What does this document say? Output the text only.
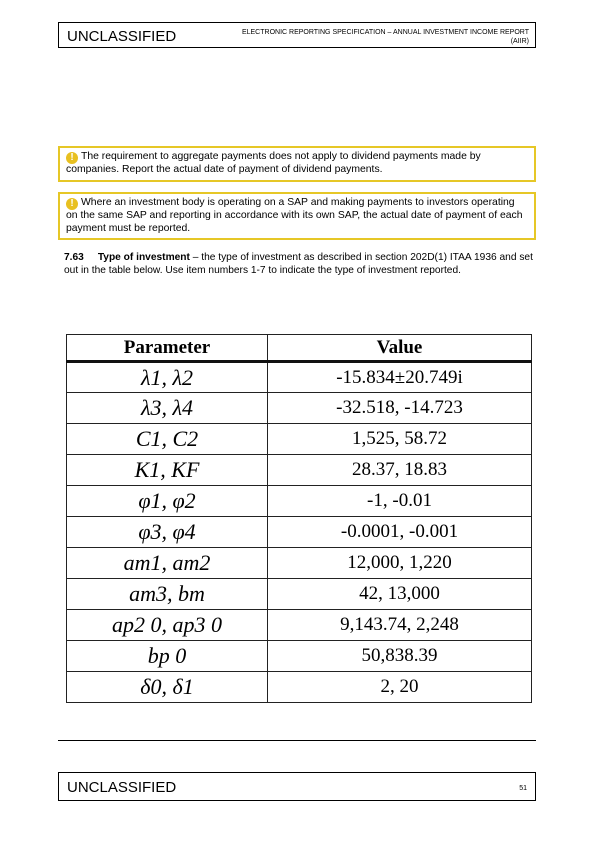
UNCLASSIFIED	ELECTRONIC REPORTING SPECIFICATION – ANNUAL INVESTMENT INCOME REPORT (AIIR)
! The requirement to aggregate payments does not apply to dividend payments made by companies. Report the actual date of payment of dividend payments.
! Where an investment body is operating on a SAP and making payments to investors operating on the same SAP and reporting in accordance with its own SAP, the actual date of payment of each payment must be reported.
7.63 Type of investment – the type of investment as described in section 202D(1) ITAA 1936 and set out in the table below. Use item numbers 1-7 to indicate the type of investment reported.
Parameter	Value
λ1, λ2	-15.834±20.749i
λ3, λ4	-32.518, -14.723
C1, C2	1,525, 58.72
K1, KF	28.37, 18.83
φ1, φ2	-1, -0.01
φ3, φ4	-0.0001, -0.001
am1, am2	12,000, 1,220
am3, bm	42, 13,000
ap2 0, ap3 0	9,143.74, 2,248
bp 0	50,838.39
δ0, δ1	2, 20
UNCLASSIFIED	51
